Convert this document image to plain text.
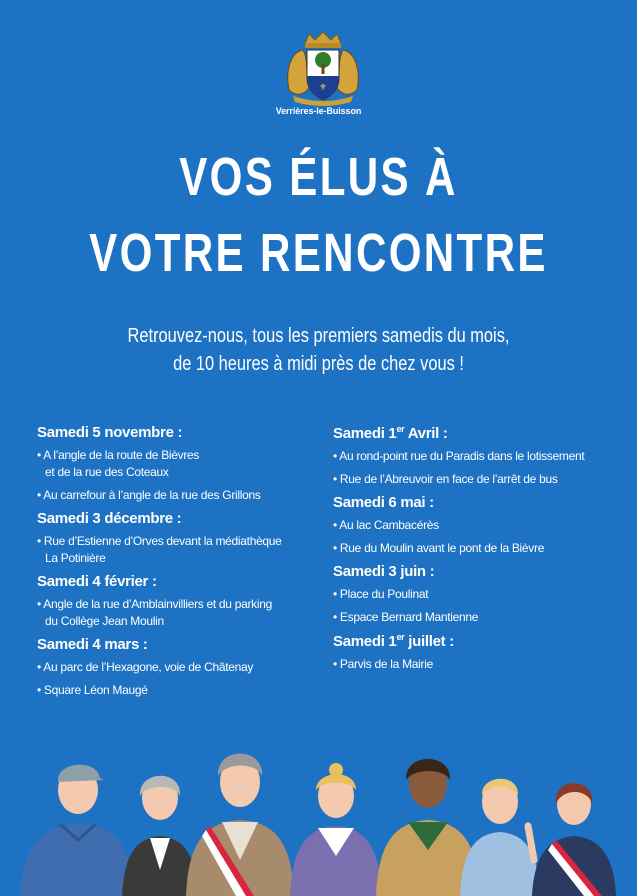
⚜
Verrières-le-Buisson
VOS ÉLUS À
VOTRE RENCONTRE
Retrouvez-nous, tous les premiers samedis du mois,
de 10 heures à midi près de chez vous !
Samedi 5 novembre :
• A l’angle de la route de Bièvres
et de la rue des Coteaux
• Au carrefour à l’angle de la rue des Grillons
Samedi 3 décembre :
• Rue d’Estienne d’Orves devant la médiathèque
La Potinière
Samedi 4 février :
• Angle de la rue d’Amblainvilliers et du parking
du Collège Jean Moulin
Samedi 4 mars :
• Au parc de l’Hexagone, voie de Châtenay
• Square Léon Maugé
Samedi 1er Avril :
• Au rond-point rue du Paradis dans le lotissement
• Rue de l’Abreuvoir en face de l’arrêt de bus
Samedi 6 mai :
• Au lac Cambacérès
• Rue du Moulin avant le pont de la Bièvre
Samedi 3 juin :
• Place du Poulinat
• Espace Bernard Mantienne
Samedi 1er juillet :
• Parvis de la Mairie
